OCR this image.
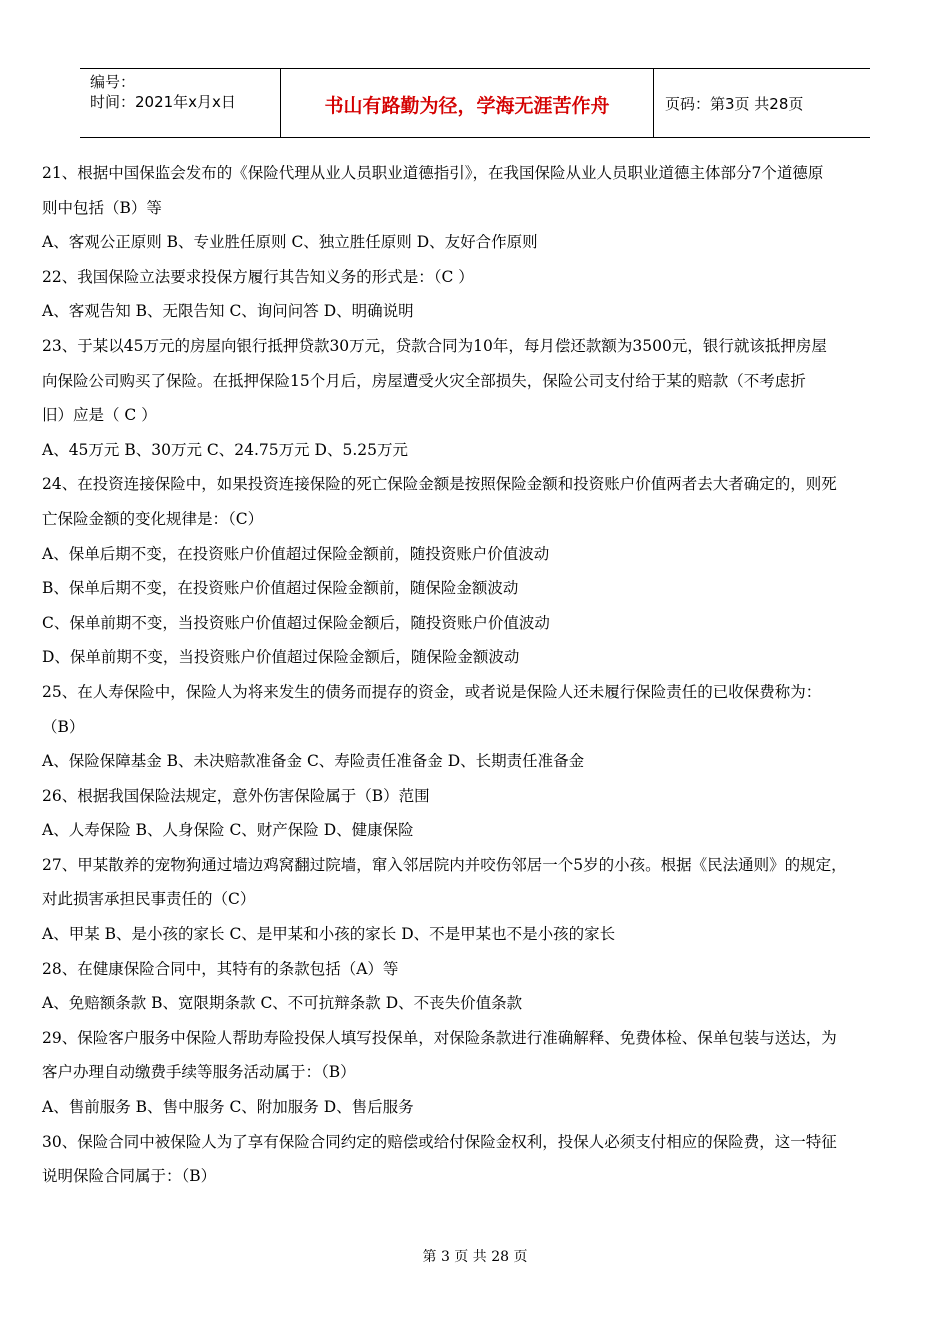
编号：
时间：2021年x月x日	书山有路勤为径，学海无涯苦作舟	页码：第3页 共28页
21、根据中国保监会发布的《保险代理从业人员职业道德指引》，在我国保险从业人员职业道德主体部分7个道德原
则中包括（B）等
A、客观公正原则 B、专业胜任原则 C、独立胜任原则 D、友好合作原则
22、我国保险立法要求投保方履行其告知义务的形式是：（C ）
A、客观告知 B、无限告知 C、询问问答 D、明确说明
23、于某以45万元的房屋向银行抵押贷款30万元，贷款合同为10年，每月偿还款额为3500元，银行就该抵押房屋
向保险公司购买了保险。在抵押保险15个月后，房屋遭受火灾全部损失，保险公司支付给于某的赔款（不考虑折
旧）应是（ C ）
A、45万元 B、30万元 C、24.75万元 D、5.25万元
24、在投资连接保险中，如果投资连接保险的死亡保险金额是按照保险金额和投资账户价值两者去大者确定的，则死
亡保险金额的变化规律是：（C）
A、保单后期不变，在投资账户价值超过保险金额前，随投资账户价值波动
B、保单后期不变，在投资账户价值超过保险金额前，随保险金额波动
C、保单前期不变，当投资账户价值超过保险金额后，随投资账户价值波动
D、保单前期不变，当投资账户价值超过保险金额后，随保险金额波动
25、在人寿保险中，保险人为将来发生的债务而提存的资金，或者说是保险人还未履行保险责任的已收保费称为：
（B）
A、保险保障基金 B、未决赔款准备金 C、寿险责任准备金 D、长期责任准备金
26、根据我国保险法规定，意外伤害保险属于（B）范围
A、人寿保险 B、人身保险 C、财产保险 D、健康保险
27、甲某散养的宠物狗通过墙边鸡窝翻过院墙，窜入邻居院内并咬伤邻居一个5岁的小孩。根据《民法通则》的规定，
对此损害承担民事责任的（C）
A、甲某 B、是小孩的家长 C、是甲某和小孩的家长 D、不是甲某也不是小孩的家长
28、在健康保险合同中，其特有的条款包括（A）等
A、免赔额条款 B、宽限期条款 C、不可抗辩条款 D、不丧失价值条款
29、保险客户服务中保险人帮助寿险投保人填写投保单，对保险条款进行准确解释、免费体检、保单包装与送达，为
客户办理自动缴费手续等服务活动属于：（B）
A、售前服务 B、售中服务 C、附加服务 D、售后服务
30、保险合同中被保险人为了享有保险合同约定的赔偿或给付保险金权利，投保人必须支付相应的保险费，这一特征
说明保险合同属于：（B）
第 3 页 共 28 页
